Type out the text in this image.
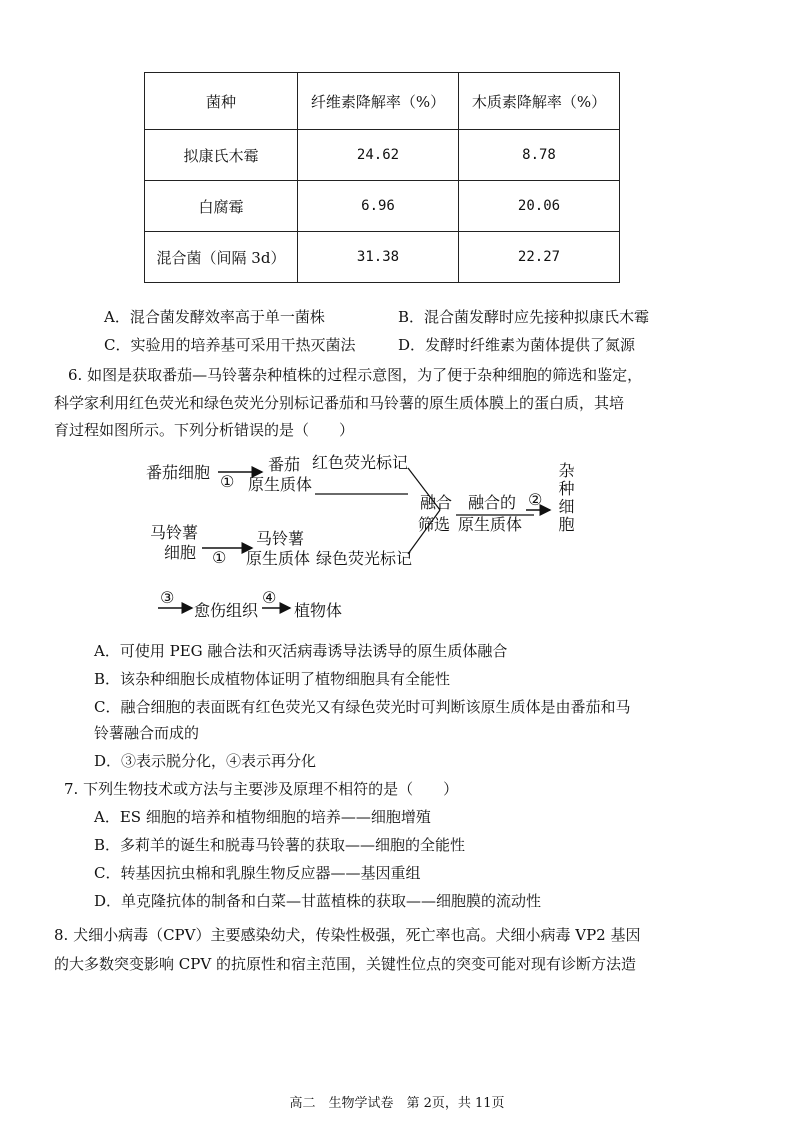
菌种	纤维素降解率（%）	木质素降解率（%）
拟康氏木霉	24.62	8.78
白腐霉	6.96	20.06
混合菌（间隔 3d）	31.38	22.27
A．混合菌发酵效率高于单一菌株	B．混合菌发酵时应先接种拟康氏木霉
C．实验用的培养基可采用干热灭菌法	D．发酵时纤维素为菌体提供了氮源
6. 如图是获取番茄—马铃薯杂种植株的过程示意图，为了便于杂种细胞的筛选和鉴定，
科学家利用红色荧光和绿色荧光分别标记番茄和马铃薯的原生质体膜上的蛋白质，其培
育过程如图所示。下列分析错误的是（　　）
番茄细胞 ①
番茄
原生质体
红色荧光标记
马铃薯
细胞 ①
马铃薯
原生质体 绿色荧光标记
融合
筛选
融合的
原生质体
② 杂种细胞
③
愈伤组织
④
植物体
A．可使用 PEG 融合法和灭活病毒诱导法诱导的原生质体融合
B．该杂种细胞长成植物体证明了植物细胞具有全能性
C．融合细胞的表面既有红色荧光又有绿色荧光时可判断该原生质体是由番茄和马
铃薯融合而成的
D．③表示脱分化，④表示再分化
7. 下列生物技术或方法与主要涉及原理不相符的是（　　）
A．ES 细胞的培养和植物细胞的培养——细胞增殖
B．多莉羊的诞生和脱毒马铃薯的获取——细胞的全能性
C．转基因抗虫棉和乳腺生物反应器——基因重组
D．单克隆抗体的制备和白菜—甘蓝植株的获取——细胞膜的流动性
8. 犬细小病毒（CPV）主要感染幼犬，传染性极强，死亡率也高。犬细小病毒 VP2 基因
的大多数突变影响 CPV 的抗原性和宿主范围，关键性位点的突变可能对现有诊断方法造
高二　生物学试卷　第 2页，共 11页
